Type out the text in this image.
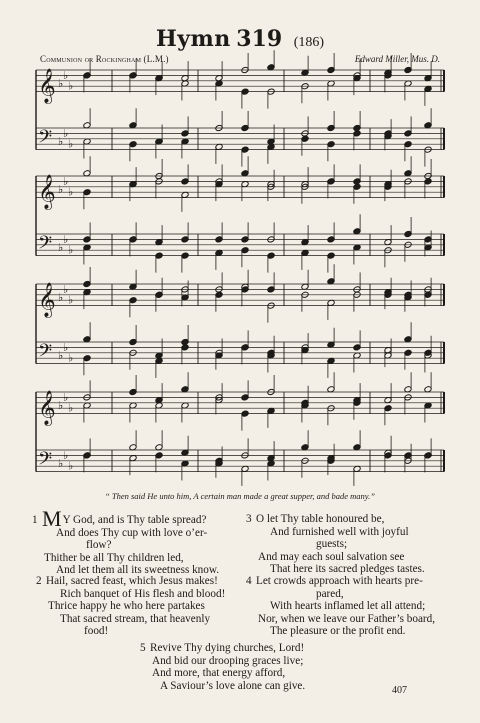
Hymn 319 (186)
Communion or Rockingham (L.M.)	Edward Miller, Mus. D.
𝄞 ♭
♭
♭
𝄢 ♭
♭
♭
𝄞 ♭
♭
♭
𝄢 ♭
♭
♭
𝄞 ♭
♭
♭
𝄢 ♭
♭
♭
𝄞 ♭
♭
♭
𝄢 ♭
♭
♭
“ Then said He unto him, A certain man made a great supper, and bade many.”
1 MY God, and is Thy table spread?
And does Thy cup with love o’er-
flow?
Thither be all Thy children led,
And let them all its sweetness know.
2 Hail, sacred feast, which Jesus makes!
Rich banquet of His flesh and blood!
Thrice happy he who here partakes
That sacred stream, that heavenly
food!
3 O let Thy table honoured be,
And furnished well with joyful
guests;
And may each soul salvation see
That here its sacred pledges tastes.
4 Let crowds approach with hearts pre-
pared,
With hearts inflamed let all attend;
Nor, when we leave our Father’s board,
The pleasure or the profit end.
5 Revive Thy dying churches, Lord!
And bid our drooping graces live;
And more, that energy afford,
A Saviour’s love alone can give.	407
